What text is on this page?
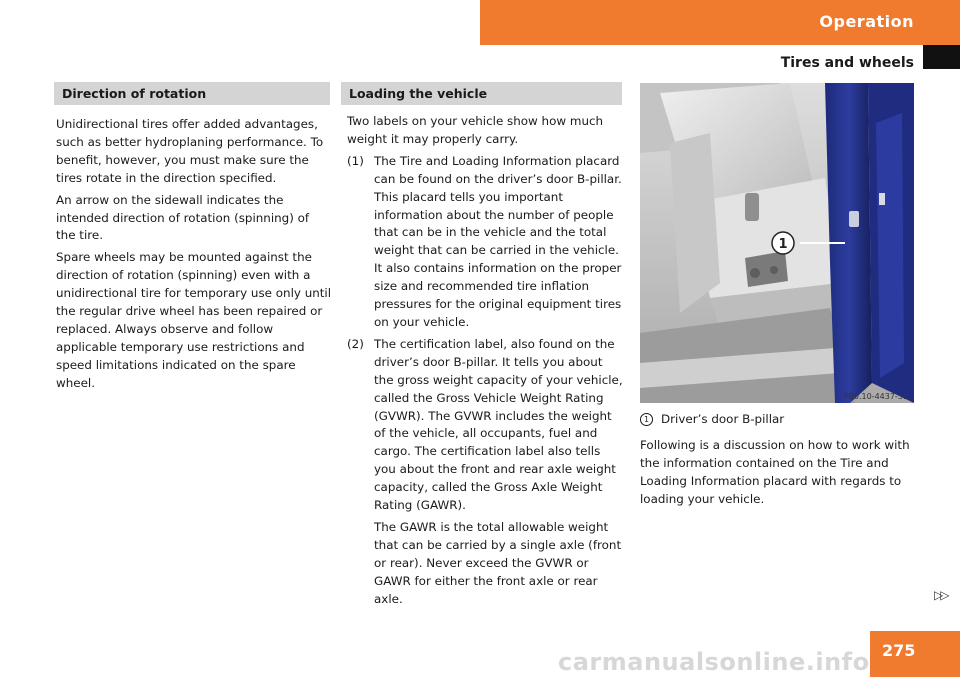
Operation
Tires and wheels
Direction of rotation	Loading the vehicle

Unidirectional tires offer added advantages, such as better hydroplaning performance. To benefit, however, you must make sure the tires rotate in the direction specified.

An arrow on the sidewall indicates the intended direction of rotation (spinning) of the tire.

Spare wheels may be mounted against the direction of rotation (spinning) even with a unidirectional tire for temporary use only until the regular drive wheel has been repaired or replaced. Always observe and follow applicable temporary use restrictions and speed limitations indicated on the spare wheel.

Two labels on your vehicle show how much weight it may properly carry.

(1) The Tire and Loading Information placard can be found on the driver’s door B-pillar. This placard tells you important information about the number of people that can be in the vehicle and the total weight that can be carried in the vehicle. It also contains information on the proper size and recommended tire inflation pressures for the original equipment tires on your vehicle.
(2) The certification label, also found on the driver’s door B-pillar. It tells you about the gross weight capacity of your vehicle, called the Gross Vehicle Weight Rating (GVWR). The GVWR includes the weight of the vehicle, all occupants, fuel and cargo. The certification label also tells you about the front and rear axle weight capacity, called the Gross Axle Weight Rating (GAWR).
The GAWR is the total allowable weight that can be carried by a single axle (front or rear). Never exceed the GVWR or GAWR for either the front axle or rear axle.
1
P00.10-4437-31
1	Driver’s door B-pillar

Following is a discussion on how to work with the information contained on the Tire and Loading Information placard with regards to loading your vehicle.

▷▷
275
carmanualsonline.info
